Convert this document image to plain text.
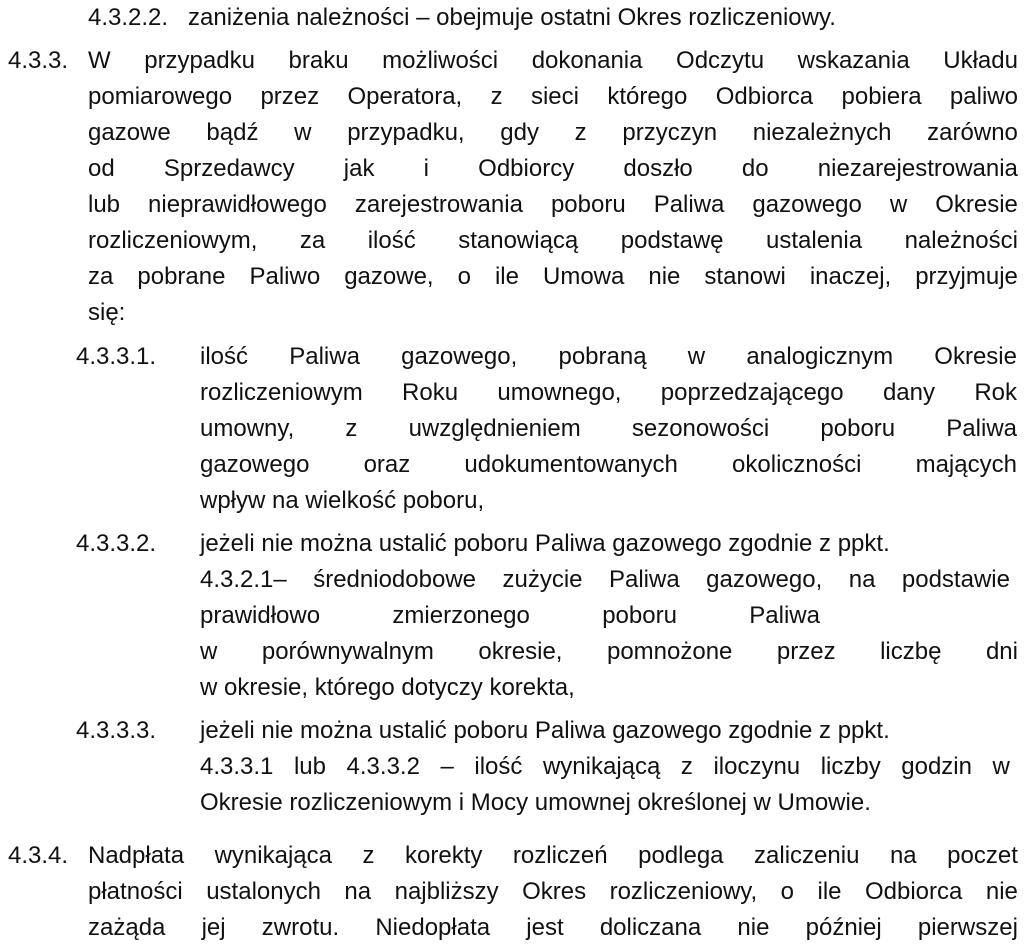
4.3.2.2. zaniżenia należności – obejmuje ostatni Okres rozliczeniowy.
4.3.3. W przypadku braku możliwości dokonania Odczytu wskazania Układu
pomiarowego przez Operatora, z sieci którego Odbiorca pobiera paliwo
gazowe bądź w przypadku, gdy z przyczyn niezależnych zarówno
od Sprzedawcy jak i Odbiorcy doszło do niezarejestrowania
lub nieprawidłowego zarejestrowania poboru Paliwa gazowego w Okresie
rozliczeniowym, za ilość stanowiącą podstawę ustalenia należności
za pobrane Paliwo gazowe, o ile Umowa nie stanowi inaczej, przyjmuje
się:
4.3.3.1. ilość Paliwa gazowego, pobraną w analogicznym Okresie
rozliczeniowym Roku umownego, poprzedzającego dany Rok
umowny, z uwzględnieniem sezonowości poboru Paliwa
gazowego oraz udokumentowanych okoliczności mających
wpływ na wielkość poboru,
4.3.3.2. jeżeli nie można ustalić poboru Paliwa gazowego zgodnie z ppkt.
4.3.2.1– średniodobowe zużycie Paliwa gazowego, na podstawie
prawidłowo	zmierzonego	poboru	Paliwa
w porównywalnym okresie, pomnożone przez liczbę dni
w okresie, którego dotyczy korekta,
4.3.3.3. jeżeli nie można ustalić poboru Paliwa gazowego zgodnie z ppkt.
4.3.3.1 lub 4.3.3.2 – ilość wynikającą z iloczynu liczby godzin w
Okresie rozliczeniowym i Mocy umownej określonej w Umowie.
4.3.4. Nadpłata wynikająca z korekty rozliczeń podlega zaliczeniu na poczet
płatności ustalonych na najbliższy Okres rozliczeniowy, o ile Odbiorca nie
zażąda jej zwrotu. Niedopłata jest doliczana nie później pierwszej
